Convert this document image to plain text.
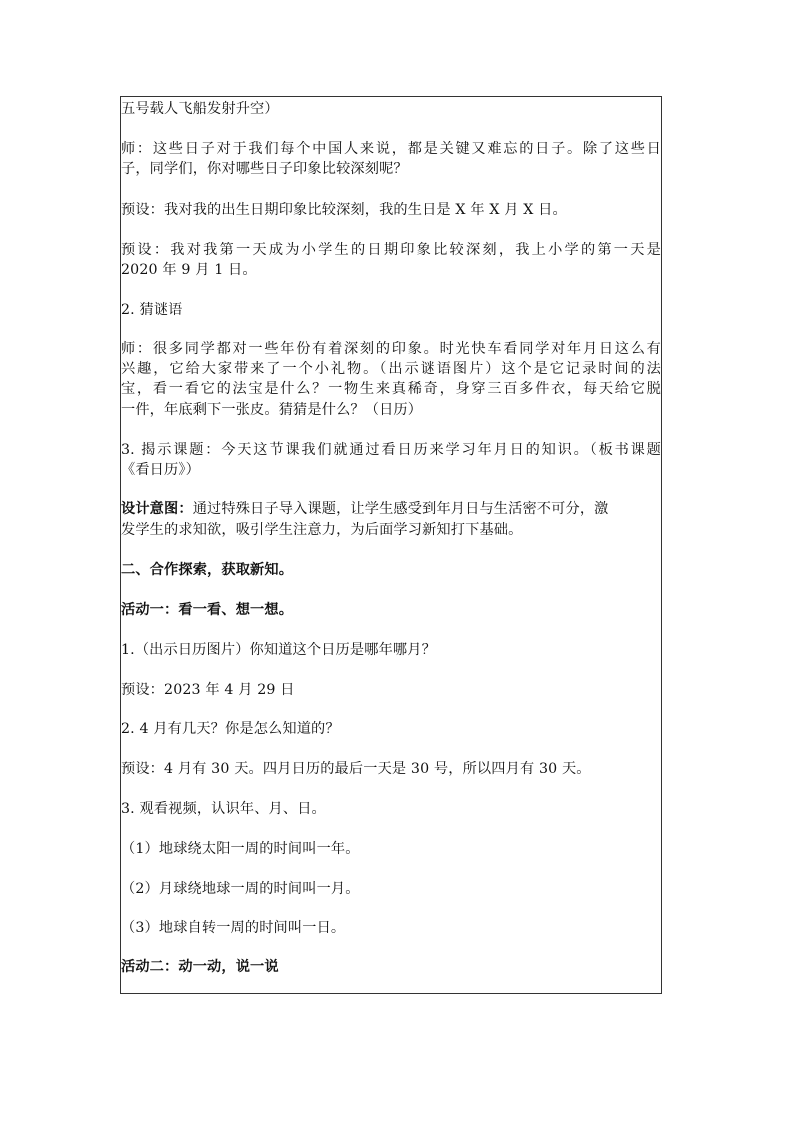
五号载人飞船发射升空）
师：这些日子对于我们每个中国人来说，都是关键又难忘的日子。除了这些日
子，同学们，你对哪些日子印象比较深刻呢？
预设：我对我的出生日期印象比较深刻，我的生日是 X 年 X 月 X 日。
预设：我对我第一天成为小学生的日期印象比较深刻，我上小学的第一天是
2020 年 9 月 1 日。
2. 猜谜语
师：很多同学都对一些年份有着深刻的印象。时光快车看同学对年月日这么有
兴趣，它给大家带来了一个小礼物。（出示谜语图片）这个是它记录时间的法
宝，看一看它的法宝是什么？一物生来真稀奇，身穿三百多件衣，每天给它脱
一件，年底剩下一张皮。猜猜是什么？（日历）
3. 揭示课题：今天这节课我们就通过看日历来学习年月日的知识。（板书课题
《看日历》）
设计意图：通过特殊日子导入课题，让学生感受到年月日与生活密不可分，激
发学生的求知欲，吸引学生注意力，为后面学习新知打下基础。
二、合作探索，获取新知。
活动一：看一看、想一想。
1.（出示日历图片）你知道这个日历是哪年哪月？
预设：2023 年 4 月 29 日
2. 4 月有几天？你是怎么知道的？
预设：4 月有 30 天。四月日历的最后一天是 30 号，所以四月有 30 天。
3. 观看视频，认识年、月、日。
（1）地球绕太阳一周的时间叫一年。
（2）月球绕地球一周的时间叫一月。
（3）地球自转一周的时间叫一日。
活动二：动一动，说一说
